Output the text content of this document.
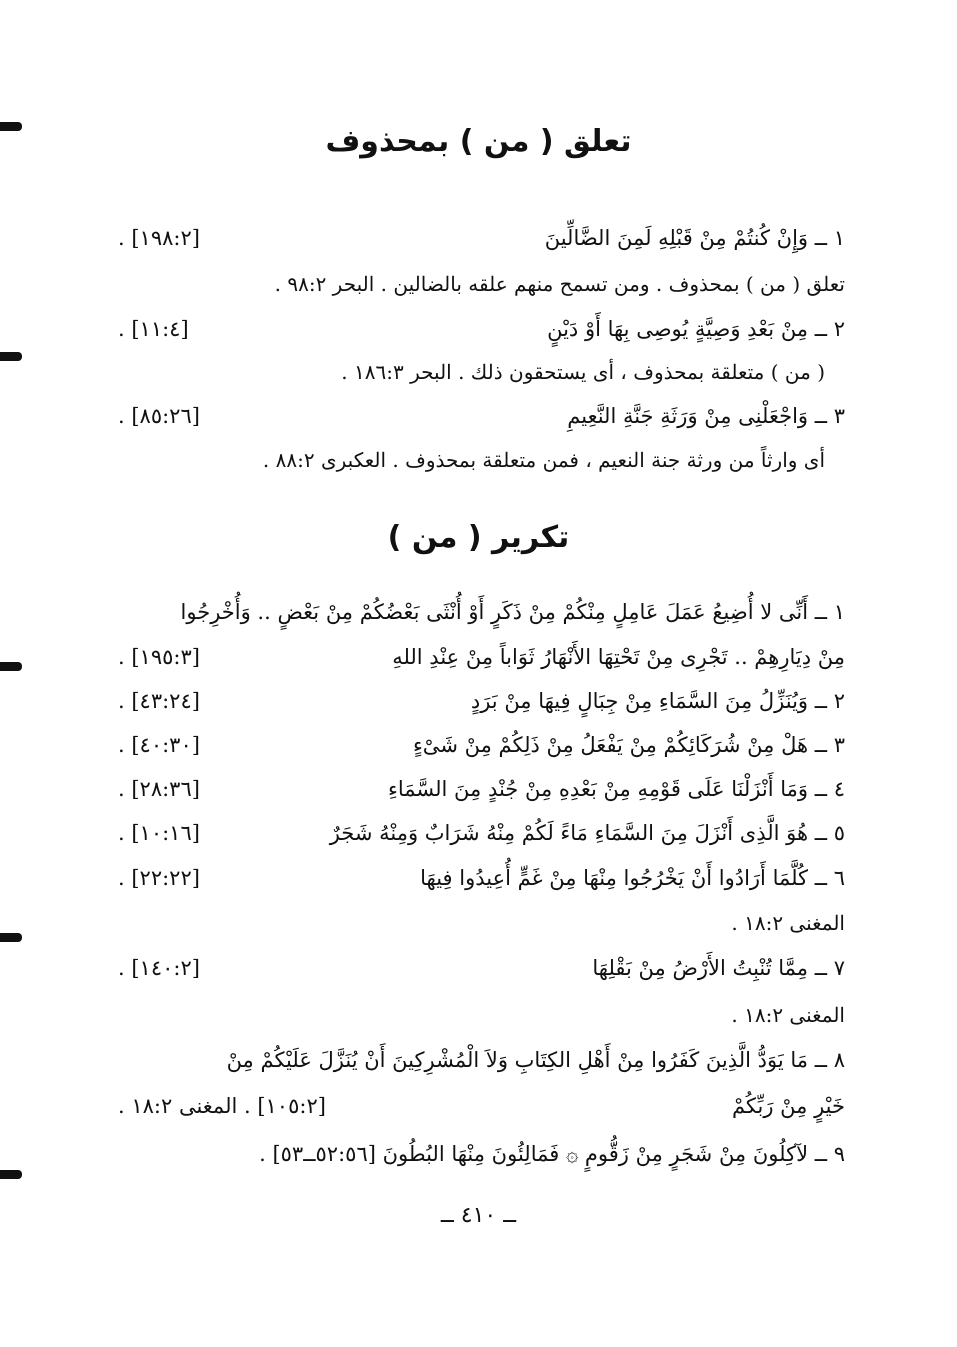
تعلق ( من ) بمحذوف
١ ــ وَإِنْ كُنتُمْ مِنْ قَبْلِهِ لَمِنَ الضَّالِّينَ
[١٩٨:٢] .
تعلق ( من ) بمحذوف . ومن تسمح منهم علقه بالضالين . البحر ٩٨:٢ .
٢ ــ مِنْ بَعْدِ وَصِيَّةٍ يُوصِى بِهَا أَوْ دَيْنٍ
[١١:٤] .
( من ) متعلقة بمحذوف ، أى يستحقون ذلك . البحر ١٨٦:٣ .
٣ ــ وَاجْعَلْنِى مِنْ وَرَثَةِ جَنَّةِ النَّعِيمِ
[٨٥:٢٦] .
أى وارثاً من ورثة جنة النعيم ، فمن متعلقة بمحذوف . العكبرى ٨٨:٢ .
تكرير ( من )
١ ــ أَنِّى لا أُضِيعُ عَمَلَ عَامِلٍ مِنْكُمْ مِنْ ذَكَرٍ أَوْ أُنْثَى بَعْضُكُمْ مِنْ بَعْضٍ .. وَأُخْرِجُوا
مِنْ دِيَارِهِمْ .. تَجْرِى مِنْ تَحْتِهَا الأَنْهَارُ ثَوَاباً مِنْ عِنْدِ اللهِ
[١٩٥:٣] .
٢ ــ وَيُنَزِّلُ مِنَ السَّمَاءِ مِنْ جِبَالٍ فِيهَا مِنْ بَرَدٍ
[٤٣:٢٤] .
٣ ــ هَلْ مِنْ شُرَكَائِكُمْ مِنْ يَفْعَلُ مِنْ ذَلِكُمْ مِنْ شَىْءٍ
[٤٠:٣٠] .
٤ ــ وَمَا أَنْزَلْنَا عَلَى قَوْمِهِ مِنْ بَعْدِهِ مِنْ جُنْدٍ مِنَ السَّمَاءِ
[٢٨:٣٦] .
٥ ــ هُوَ الَّذِى أَنْزَلَ مِنَ السَّمَاءِ مَاءً لَكُمْ مِنْهُ شَرَابٌ وَمِنْهُ شَجَرٌ
[١٠:١٦] .
٦ ــ كُلَّمَا أَرَادُوا أَنْ يَخْرُجُوا مِنْهَا مِنْ غَمٍّ أُعِيدُوا فِيهَا
[٢٢:٢٢] .
المغنى ١٨:٢ .
٧ ــ مِمَّا تُنْبِتُ الأَرْضُ مِنْ بَقْلِهَا
[١٤٠:٢] .
المغنى ١٨:٢ .
٨ ــ مَا يَوَدُّ الَّذِينَ كَفَرُوا مِنْ أَهْلِ الكِتَابِ وَلاَ الْمُشْرِكِينَ أَنْ يُنَزَّلَ عَلَيْكُمْ مِنْ
خَيْرٍ مِنْ رَبِّكُمْ
[١٠٥:٢] . المغنى ١٨:٢ .
٩ ــ لآكِلُونَ مِنْ شَجَرٍ مِنْ زَقُّومٍ ۞ فَمَالِئُونَ مِنْهَا البُطُونَ [٥٢:٥٦ــ٥٣] .
ــ ٤١٠ ــ
